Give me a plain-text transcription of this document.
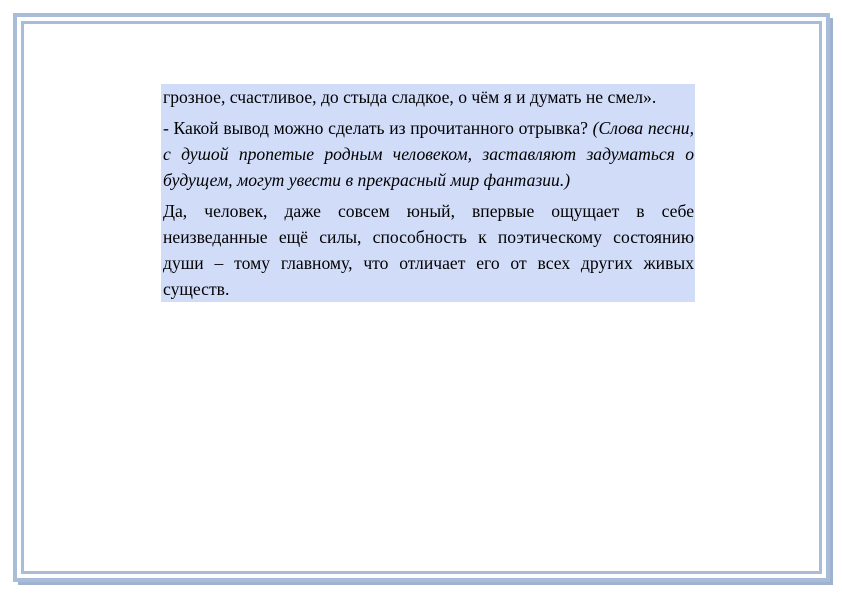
грозное, счастливое, до стыда сладкое, о чём я и думать не смел».

- Какой вывод можно сделать из прочитанного отрывка? (Слова песни, с душой пропетые родным человеком, заставляют задуматься о будущем, могут увести в прекрасный мир фантазии.)

Да, человек, даже совсем юный, впервые ощущает в себе неизведанные ещё силы, способность к поэтическому состоянию души – тому главному, что отличает его от всех других живых существ.
